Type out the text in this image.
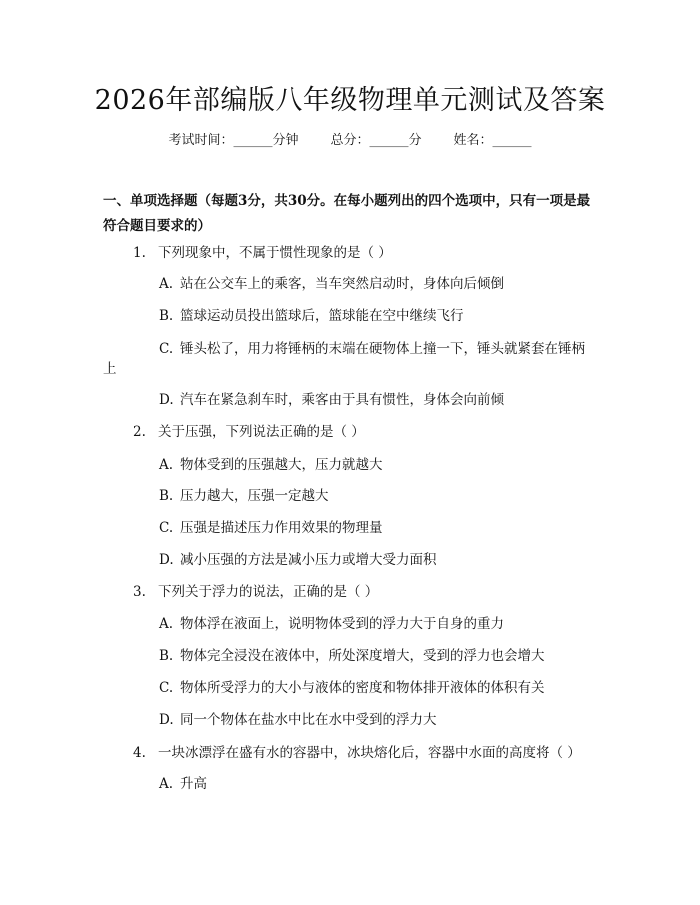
2026年部编版八年级物理单元测试及答案
考试时间：______分钟 总分：______分 姓名：______
一、单项选择题（每题3分，共30分。在每小题列出的四个选项中，只有一项是最符合题目要求的）
1. 下列现象中，不属于惯性现象的是（ ）
A. 站在公交车上的乘客，当车突然启动时，身体向后倾倒
B. 篮球运动员投出篮球后，篮球能在空中继续飞行
C. 锤头松了，用力将锤柄的末端在硬物体上撞一下，锤头就紧套在锤柄
上
D. 汽车在紧急刹车时，乘客由于具有惯性，身体会向前倾
2. 关于压强，下列说法正确的是（ ）
A. 物体受到的压强越大，压力就越大
B. 压力越大，压强一定越大
C. 压强是描述压力作用效果的物理量
D. 减小压强的方法是减小压力或增大受力面积
3. 下列关于浮力的说法，正确的是（ ）
A. 物体浮在液面上，说明物体受到的浮力大于自身的重力
B. 物体完全浸没在液体中，所处深度增大，受到的浮力也会增大
C. 物体所受浮力的大小与液体的密度和物体排开液体的体积有关
D. 同一个物体在盐水中比在水中受到的浮力大
4. 一块冰漂浮在盛有水的容器中，冰块熔化后，容器中水面的高度将（ ）
A. 升高
